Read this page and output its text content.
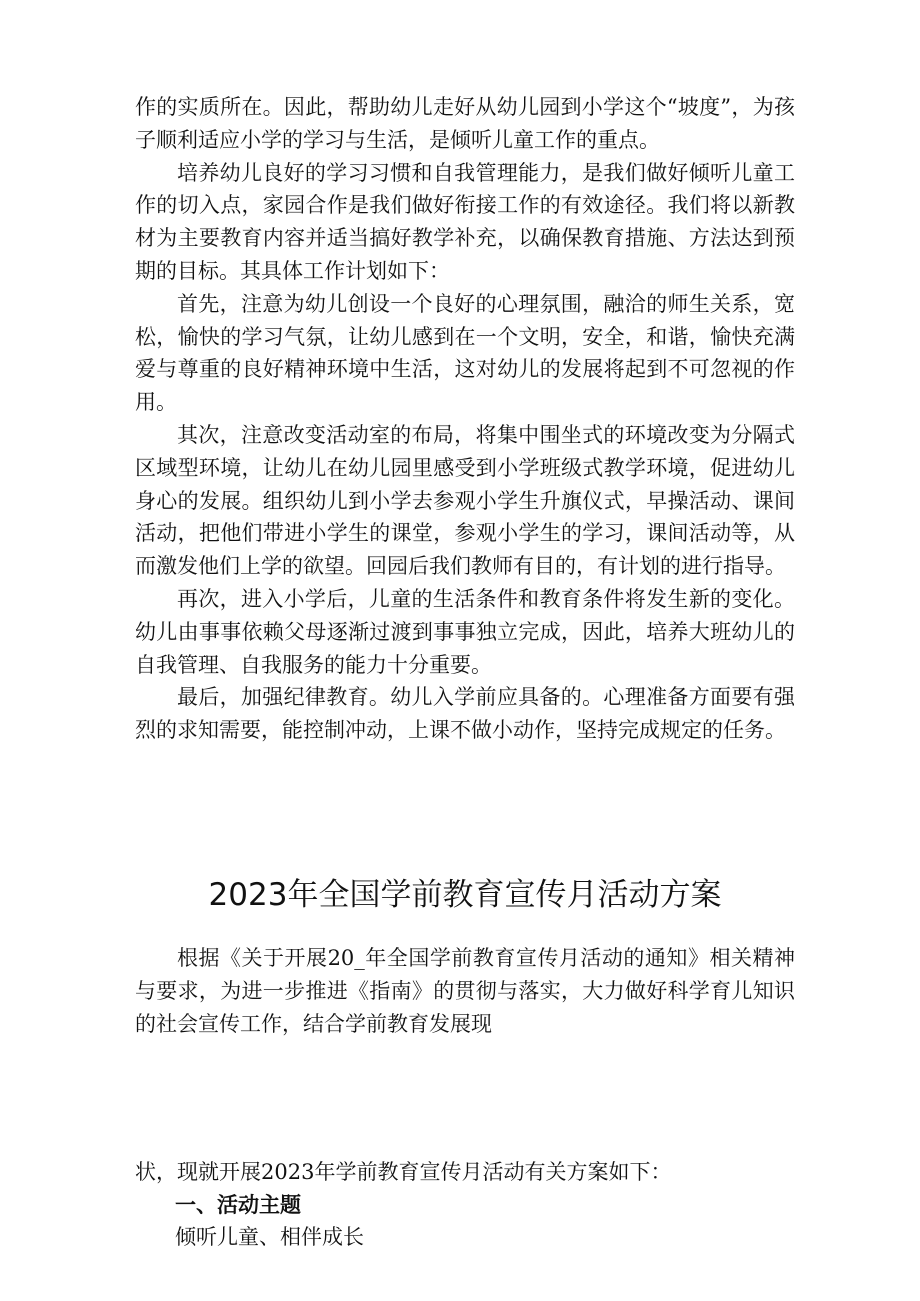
作的实质所在。因此，帮助幼儿走好从幼儿园到小学这个“坡度”，为孩子顺利适应小学的学习与生活，是倾听儿童工作的重点。

培养幼儿良好的学习习惯和自我管理能力，是我们做好倾听儿童工作的切入点，家园合作是我们做好衔接工作的有效途径。我们将以新教材为主要教育内容并适当搞好教学补充，以确保教育措施、方法达到预期的目标。其具体工作计划如下：

首先，注意为幼儿创设一个良好的心理氛围，融洽的师生关系，宽松，愉快的学习气氛，让幼儿感到在一个文明，安全，和谐，愉快充满爱与尊重的良好精神环境中生活，这对幼儿的发展将起到不可忽视的作用。

其次，注意改变活动室的布局，将集中围坐式的环境改变为分隔式区域型环境，让幼儿在幼儿园里感受到小学班级式教学环境，促进幼儿身心的发展。组织幼儿到小学去参观小学生升旗仪式，早操活动、课间活动，把他们带进小学生的课堂，参观小学生的学习，课间活动等，从而激发他们上学的欲望。回园后我们教师有目的，有计划的进行指导。

再次，进入小学后，儿童的生活条件和教育条件将发生新的变化。幼儿由事事依赖父母逐渐过渡到事事独立完成，因此，培养大班幼儿的自我管理、自我服务的能力十分重要。

最后，加强纪律教育。幼儿入学前应具备的。心理准备方面要有强烈的求知需要，能控制冲动，上课不做小动作，坚持完成规定的任务。

2023年全国学前教育宣传月活动方案

根据《关于开展20_年全国学前教育宣传月活动的通知》相关精神与要求，为进一步推进《指南》的贯彻与落实，大力做好科学育儿知识的社会宣传工作，结合学前教育发展现

状，现就开展2023年学前教育宣传月活动有关方案如下：

一、活动主题

倾听儿童、相伴成长
